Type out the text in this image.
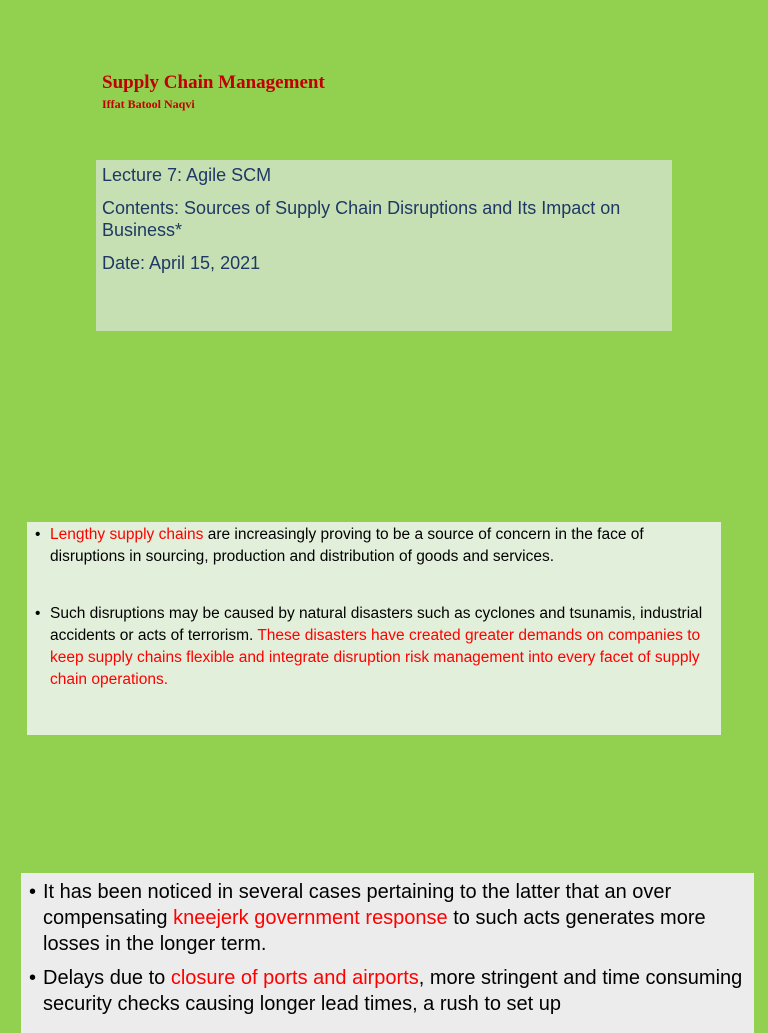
Supply Chain Management
Iffat Batool Naqvi

Lecture 7: Agile SCM

Contents: Sources of Supply Chain Disruptions and Its Impact on Business*

Date: April 15, 2021

• Lengthy supply chains are increasingly proving to be a source of concern in the face of disruptions in sourcing, production and distribution of goods and services.
• Such disruptions may be caused by natural disasters such as cyclones and tsunamis, industrial accidents or acts of terrorism. These disasters have created greater demands on companies to keep supply chains flexible and integrate disruption risk management into every facet of supply chain operations.
• It has been noticed in several cases pertaining to the latter that an over compensating kneejerk government response to such acts generates more losses in the longer term.
• Delays due to closure of ports and airports, more stringent and time consuming security checks causing longer lead times, a rush to set up
